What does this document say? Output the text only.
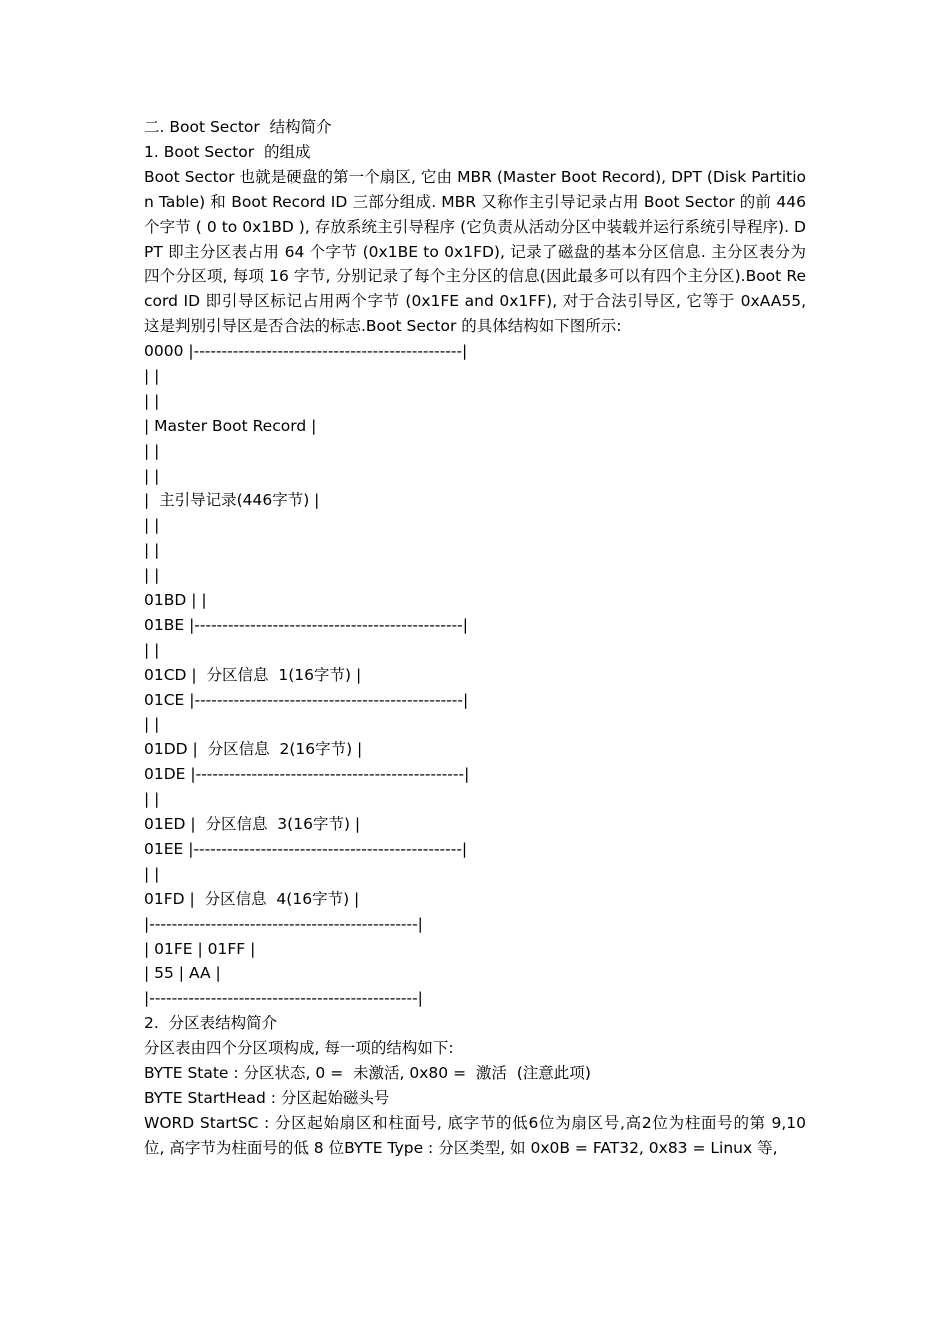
二. Boot Sector  结构简介
1. Boot Sector  的组成
Boot Sector 也就是硬盘的第一个扇区, 它由 MBR (Master Boot Record), DPT (Disk Partition Table) 和 Boot Record ID 三部分组成. MBR 又称作主引导记录占用 Boot Sector 的前 446 个字节 ( 0 to 0x1BD ), 存放系统主引导程序 (它负责从活动分区中装载并运行系统引导程序). DPT 即主分区表占用 64 个字节 (0x1BE to 0x1FD), 记录了磁盘的基本分区信息. 主分区表分为四个分区项, 每项 16 字节, 分别记录了每个主分区的信息(因此最多可以有四个主分区).Boot Record ID 即引导区标记占用两个字节 (0x1FE and 0x1FF), 对于合法引导区, 它等于 0xAA55, 这是判别引导区是否合法的标志.Boot Sector 的具体结构如下图所示:
0000 |------------------------------------------------|
| |
| |
| Master Boot Record |
| |
| |
|  主引导记录(446字节) |
| |
| |
| |
01BD | |
01BE |------------------------------------------------|
| |
01CD |  分区信息  1(16字节) |
01CE |------------------------------------------------|
| |
01DD |  分区信息  2(16字节) |
01DE |------------------------------------------------|
| |
01ED |  分区信息  3(16字节) |
01EE |------------------------------------------------|
| |
01FD |  分区信息  4(16字节) |
|------------------------------------------------|
| 01FE | 01FF |
| 55 | AA |
|------------------------------------------------|
2.  分区表结构简介
分区表由四个分区项构成, 每一项的结构如下:
BYTE State : 分区状态, 0 =  未激活, 0x80 =  激活  (注意此项)
BYTE StartHead : 分区起始磁头号
WORD StartSC : 分区起始扇区和柱面号, 底字节的低6位为扇区号,高2位为柱面号的第 9,10 位, 高字节为柱面号的低 8 位BYTE Type : 分区类型, 如 0x0B = FAT32, 0x83 = Linux 等,
